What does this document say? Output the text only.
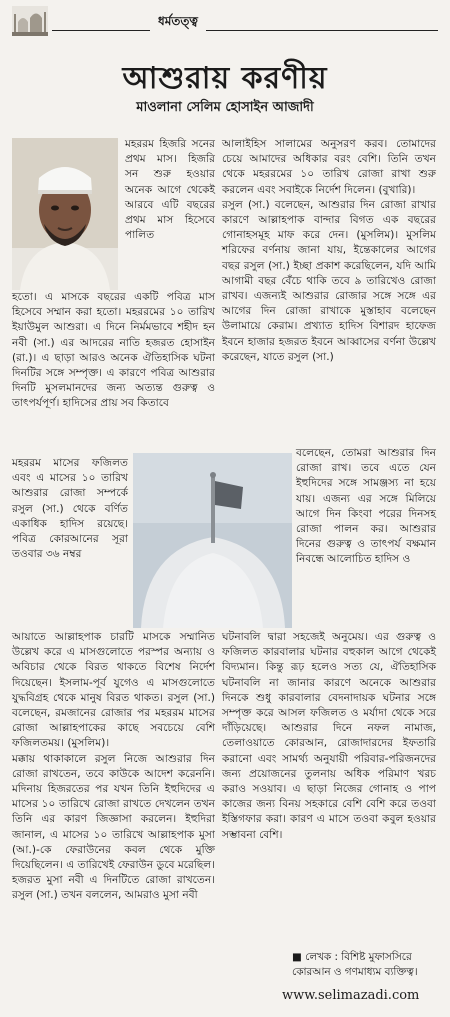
ধর্মতত্ত্ব
আশুরায় করণীয়
মাওলানা সেলিম হোসাইন আজাদী

মহররম হিজরি সনের প্রথম মাস। হিজরি সন শুরু হওয়ার অনেক আগে থেকেই আরবে এটি বছরের প্রথম মাস হিসেবে পালিত

হতো। এ মাসকে বছরের একটি পবিত্র মাস হিসেবে সম্মান করা হতো। মহররমের ১০ তারিখ ইয়াউমুল আশুরা। এ দিনে নির্মমভাবে শহীদ হন নবী (সা.) এর আদরের নাতি হজরত হোসাইন (রা.)। এ ছাড়া আরও অনেক ঐতিহাসিক ঘটনা দিনটির সঙ্গে সম্পৃক্ত। এ কারণে পবিত্র আশুরার দিনটি মুসলমানদের জন্য অত্যন্ত গুরুত্ব ও তাৎপর্যপূর্ণ। হাদিসের প্রায় সব কিতাবে

মহররম মাসের ফজিলত এবং এ মাসের ১০ তারিখ আশুরার রোজা সম্পর্কে রসুল (সা.) থেকে বর্ণিত একাধিক হাদিস রয়েছে। পবিত্র কোরআনের সূরা তওবার ৩৬ নম্বর

আয়াতে আল্লাহপাক চারটি মাসকে সম্মানিত উল্লেখ করে এ মাসগুলোতে পরস্পর অন্যায় ও অবিচার থেকে বিরত থাকতে বিশেষ নির্দেশ দিয়েছেন। ইসলাম-পূর্ব যুগেও এ মাসগুলোতে যুদ্ধবিগ্রহ থেকে মানুষ বিরত থাকত। রসুল (সা.) বলেছেন, রমজানের রোজার পর মহররম মাসের রোজা আল্লাহপাকের কাছে সবচেয়ে বেশি ফজিলতময়। (মুসলিম)।

মক্কায় থাকাকালে রসুল নিজে আশুরার দিন রোজা রাখতেন, তবে কাউকে আদেশ করেননি। মদিনায় হিজরতের পর যখন তিনি ইহুদিদের এ মাসের ১০ তারিখে রোজা রাখতে দেখলেন তখন তিনি এর কারণ জিজ্ঞাসা করলেন। ইহুদিরা জানাল, এ মাসের ১০ তারিখে আল্লাহপাক মুসা (আ.)-কে ফেরাউনের কবল থেকে মুক্তি দিয়েছিলেন। এ তারিখেই ফেরাউন ডুবে মরেছিল। হজরত মুসা নবী এ দিনটিতে রোজা রাখতেন। রসুল (সা.) তখন বললেন, আমরাও মুসা নবী

আলাইহিস সালামের অনুসরণ করব। তোমাদের চেয়ে আমাদের অধিকার বরং বেশি। তিনি তখন থেকে মহররমের ১০ তারিখ রোজা রাখা শুরু করলেন এবং সবাইকে নির্দেশ দিলেন। (বুখারি)।

রসুল (সা.) বলেছেন, আশুরার দিন রোজা রাখার কারণে আল্লাহপাক বান্দার বিগত এক বছরের গোনাহসমূহ মাফ করে দেন। (মুসলিম)। মুসলিম শরিফের বর্ণনায় জানা যায়, ইন্তেকালের আগের বছর রসুল (সা.) ইচ্ছা প্রকাশ করেছিলেন, যদি আমি আগামী বছর বেঁচে থাকি তবে ৯ তারিখেও রোজা রাখব। এজন্যই আশুরার রোজার সঙ্গে সঙ্গে এর আগের দিন রোজা রাখাকে মুস্তাহাব বলেছেন উলামায়ে কেরাম। প্রখ্যাত হাদিস বিশারদ হাফেজ ইবনে হাজার হজরত ইবনে আব্বাসের বর্ণনা উল্লেখ করেছেন, যাতে রসুল (সা.)

বলেছেন, তোমরা আশুরার দিন রোজা রাখ। তবে এতে যেন ইহুদিদের সঙ্গে সামঞ্জস্য না হয়ে যায়। এজন্য এর সঙ্গে মিলিয়ে আগে দিন কিংবা পরের দিনসহ রোজা পালন কর। আশুরার দিনের গুরুত্ব ও তাৎপর্য বক্ষমান নিবন্ধে আলোচিত হাদিস ও

ঘটনাবলি দ্বারা সহজেই অনুমেয়। এর গুরুত্ব ও ফজিলত কারবালার ঘটনার বহুকাল আগে থেকেই বিদ্যমান। কিন্তু রূঢ় হলেও সত্য যে, ঐতিহাসিক ঘটনাবলি না জানার কারণে অনেকে আশুরার দিনকে শুধু কারবালার বেদনাদায়ক ঘটনার সঙ্গে সম্পৃক্ত করে আসল ফজিলত ও মর্যাদা থেকে সরে দাঁড়িয়েছে। আশুরার দিনে নফল নামাজ, তেলাওয়াতে কোরআন, রোজাদারদের ইফতারি করানো এবং সামর্থ্য অনুযায়ী পরিবার-পরিজনদের জন্য প্রয়োজনের তুলনায় অধিক পরিমাণ খরচ করাও সওয়াব। এ ছাড়া নিজের গোনাহ ও পাপ কাজের জন্য বিনয় সহকারে বেশি বেশি করে তওবা ইস্তিগফার করা। কারণ এ মাসে তওবা কবুল হওয়ার সম্ভাবনা বেশি।

■ লেখক : বিশিষ্ট মুফাসসিরে
কোরআন ও গণমাধ্যম ব্যক্তিত্ব।
www.selimazadi.com
